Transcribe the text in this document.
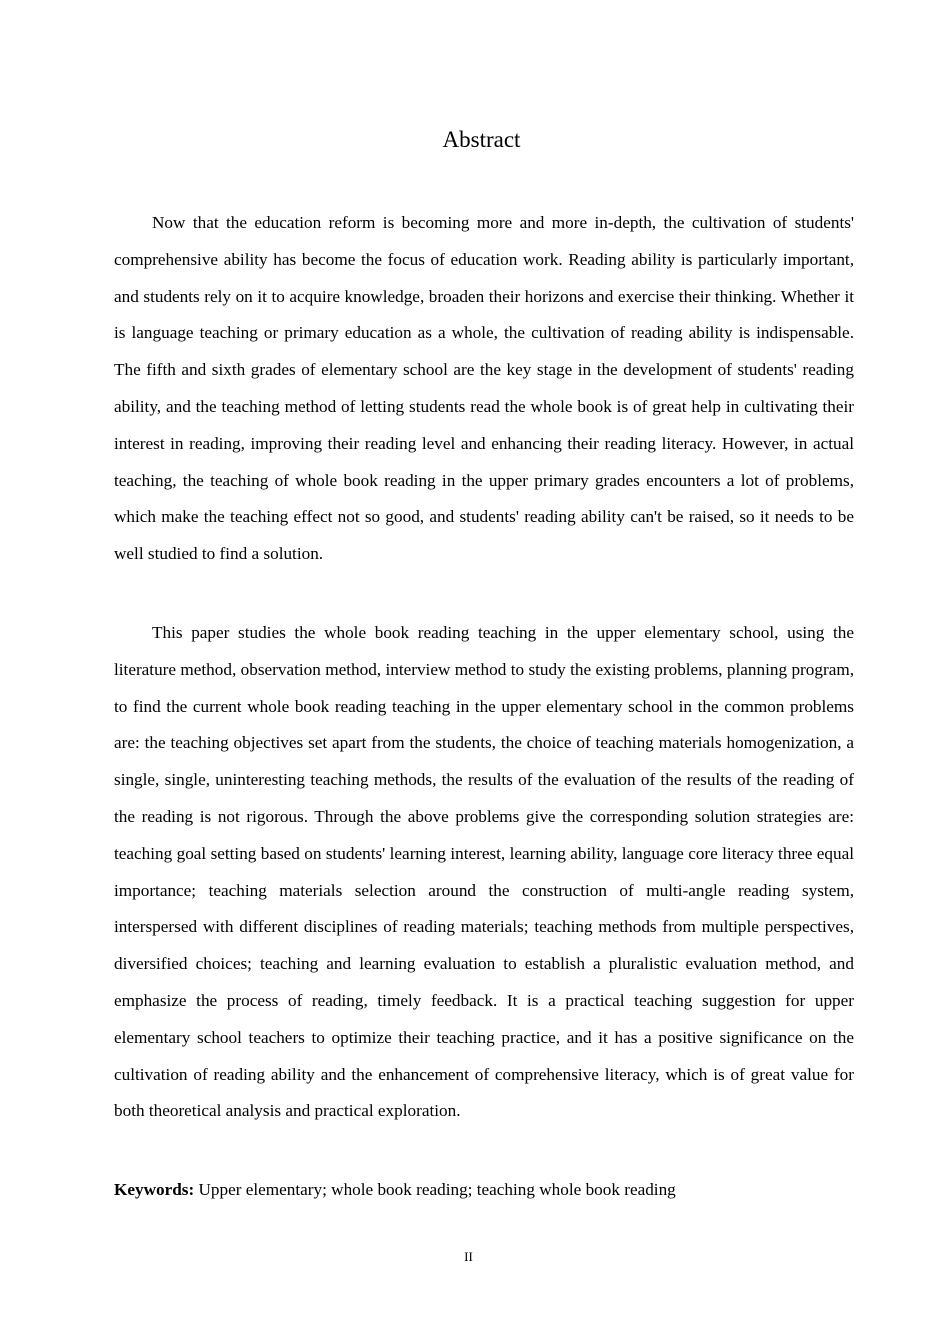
Abstract

Now that the education reform is becoming more and more in-depth, the cultivation of students' comprehensive ability has become the focus of education work. Reading ability is particularly important, and students rely on it to acquire knowledge, broaden their horizons and exercise their thinking. Whether it is language teaching or primary education as a whole, the cultivation of reading ability is indispensable. The fifth and sixth grades of elementary school are the key stage in the development of students' reading ability, and the teaching method of letting students read the whole book is of great help in cultivating their interest in reading, improving their reading level and enhancing their reading literacy. However, in actual teaching, the teaching of whole book reading in the upper primary grades encounters a lot of problems, which make the teaching effect not so good, and students' reading ability can't be raised, so it needs to be well studied to find a solution.

This paper studies the whole book reading teaching in the upper elementary school, using the literature method, observation method, interview method to study the existing problems, planning program, to find the current whole book reading teaching in the upper elementary school in the common problems are: the teaching objectives set apart from the students, the choice of teaching materials homogenization, a single, single, uninteresting teaching methods, the results of the evaluation of the results of the reading of the reading is not rigorous. Through the above problems give the corresponding solution strategies are: teaching goal setting based on students' learning interest, learning ability, language core literacy three equal importance; teaching materials selection around the construction of multi-angle reading system, interspersed with different disciplines of reading materials; teaching methods from multiple perspectives, diversified choices; teaching and learning evaluation to establish a pluralistic evaluation method, and emphasize the process of reading, timely feedback. It is a practical teaching suggestion for upper elementary school teachers to optimize their teaching practice, and it has a positive significance on the cultivation of reading ability and the enhancement of comprehensive literacy, which is of great value for both theoretical analysis and practical exploration.

Keywords: Upper elementary; whole book reading; teaching whole book reading

II
